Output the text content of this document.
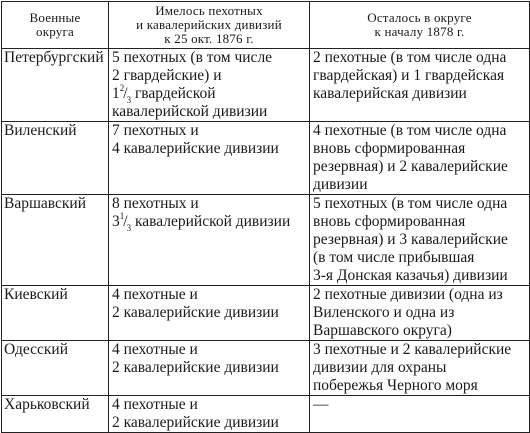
Военные
округа	Имелось пехотных
и кавалерийских дивизий
к 25 окт. 1876 г.	Осталось в округе
к началу 1878 г.

Петербургский	5 пехотных (в том числе
2 гвардейские) и
$1^2/_3$ гвардейской
кавалерийской дивизии	2 пехотные (в том числе одна
гвардейская) и 1 гвардейская
кавалерийская дивизии

Виленский	7 пехотных и
4 кавалерийские дивизии	4 пехотные (в том числе одна
вновь сформированная
резервная) и 2 кавалерийские
дивизии

Варшавский	8 пехотных и
$3^1/_3$ кавалерийской дивизии	5 пехотных (в том числе одна
вновь сформированная
резервная) и 3 кавалерийские
(в том числе прибывшая
3-я Донская казачья) дивизии

Киевский	4 пехотные и
2 кавалерийские дивизии	2 пехотные дивизии (одна из
Виленского и одна из
Варшавского округа)

Одесский	4 пехотные и
2 кавалерийские дивизии	3 пехотные и 2 кавалерийские
дивизии для охраны
побережья Черного моря

Харьковский	4 пехотные и
2 кавалерийские дивизии	—
